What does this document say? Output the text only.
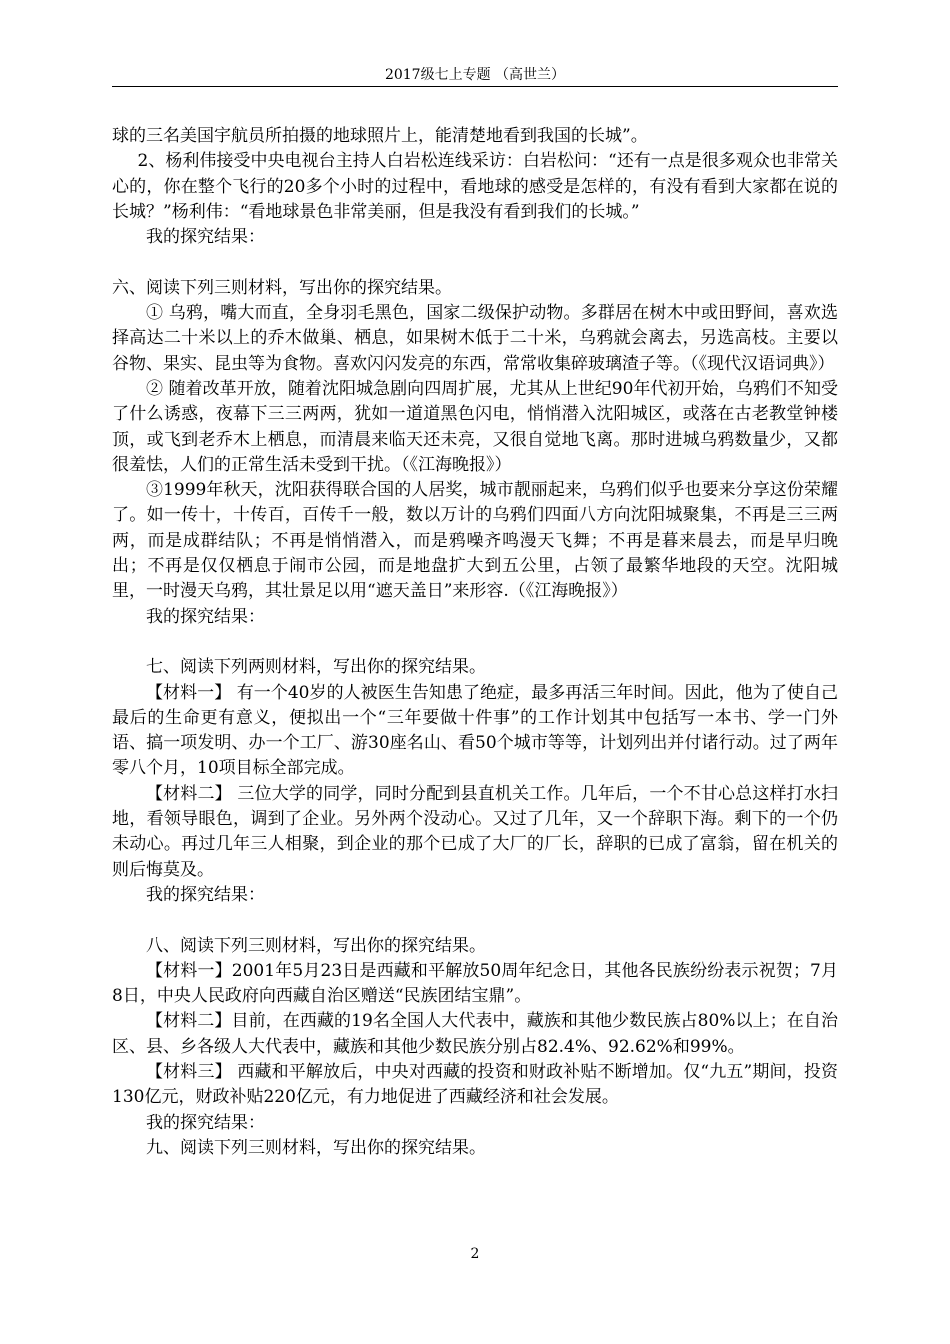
2017级七上专题 （高世兰）

球的三名美国宇航员所拍摄的地球照片上，能清楚地看到我国的长城”。

2、杨利伟接受中央电视台主持人白岩松连线采访：白岩松问：“还有一点是很多观众也非常关心的，你在整个飞行的20多个小时的过程中，看地球的感受是怎样的，有没有看到大家都在说的长城？”杨利伟：“看地球景色非常美丽，但是我没有看到我们的长城。”

我的探究结果：

六、阅读下列三则材料，写出你的探究结果。

① 乌鸦，嘴大而直，全身羽毛黑色，国家二级保护动物。多群居在树木中或田野间，喜欢选择高达二十米以上的乔木做巢、栖息，如果树木低于二十米，乌鸦就会离去，另选高枝。主要以谷物、果实、昆虫等为食物。喜欢闪闪发亮的东西，常常收集碎玻璃渣子等。（《现代汉语词典》）

② 随着改革开放，随着沈阳城急剧向四周扩展，尤其从上世纪90年代初开始，乌鸦们不知受了什么诱惑，夜幕下三三两两，犹如一道道黑色闪电，悄悄潜入沈阳城区，或落在古老教堂钟楼顶，或飞到老乔木上栖息，而清晨来临天还未亮，又很自觉地飞离。那时进城乌鸦数量少，又都很羞怯，人们的正常生活未受到干扰。（《江海晚报》）

③1999年秋天，沈阳获得联合国的人居奖，城市靓丽起来，乌鸦们似乎也要来分享这份荣耀了。如一传十，十传百，百传千一般，数以万计的乌鸦们四面八方向沈阳城聚集，不再是三三两两，而是成群结队；不再是悄悄潜入，而是鸦噪齐鸣漫天飞舞；不再是暮来晨去，而是早归晚出；不再是仅仅栖息于闹市公园，而是地盘扩大到五公里，占领了最繁华地段的天空。沈阳城里，一时漫天乌鸦，其壮景足以用“遮天盖日”来形容.（《江海晚报》）

我的探究结果：

七、阅读下列两则材料，写出你的探究结果。

【材料一】 有一个40岁的人被医生告知患了绝症，最多再活三年时间。因此，他为了使自己最后的生命更有意义，便拟出一个“三年要做十件事”的工作计划其中包括写一本书、学一门外语、搞一项发明、办一个工厂、游30座名山、看50个城市等等，计划列出并付诸行动。过了两年零八个月，10项目标全部完成。

【材料二】 三位大学的同学，同时分配到县直机关工作。几年后，一个不甘心总这样打水扫地，看领导眼色，调到了企业。另外两个没动心。又过了几年，又一个辞职下海。剩下的一个仍未动心。再过几年三人相聚，到企业的那个已成了大厂的厂长，辞职的已成了富翁，留在机关的则后悔莫及。

我的探究结果：

八、阅读下列三则材料，写出你的探究结果。

【材料一】2001年5月23日是西藏和平解放50周年纪念日，其他各民族纷纷表示祝贺；7月8日，中央人民政府向西藏自治区赠送“民族团结宝鼎”。

【材料二】目前，在西藏的19名全国人大代表中，藏族和其他少数民族占80%以上；在自治区、县、乡各级人大代表中，藏族和其他少数民族分别占82.4%、92.62%和99%。

【材料三】 西藏和平解放后，中央对西藏的投资和财政补贴不断增加。仅“九五”期间，投资130亿元，财政补贴220亿元，有力地促进了西藏经济和社会发展。

我的探究结果：

九、阅读下列三则材料，写出你的探究结果。

2
